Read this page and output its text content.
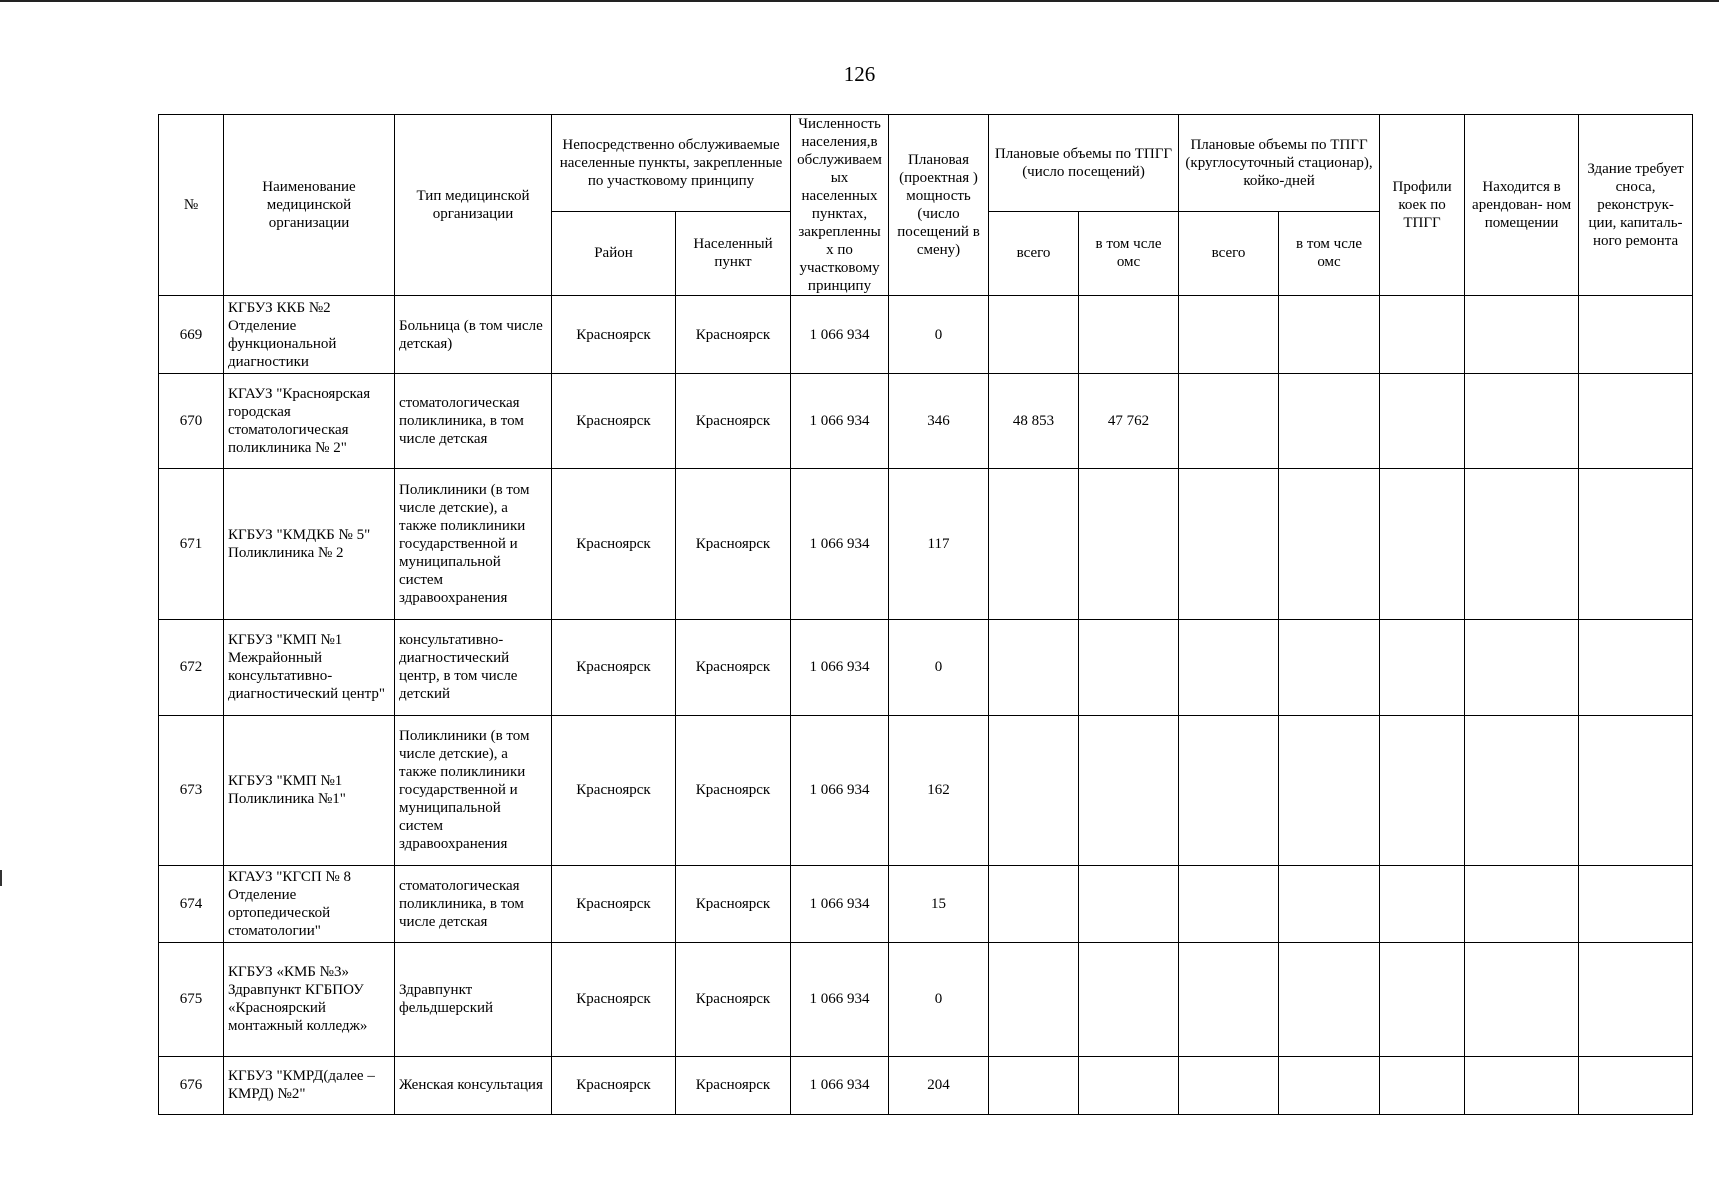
126
№	Наименование медицинской организации	Тип медицинской организации	Непосредственно обслуживаемые населенные пункты, закрепленные по участковому принципу		Численность населения,в обслуживаем ых населенных пунктах, закрепленны х по участковому принципу	Плановая (проектная ) мощность
(число посещений в смену)	Плановые объемы по ТПГГ (число посещений)		Плановые объемы по ТПГГ (круглосуточный стационар), койко-дней		Профили коек по ТПГГ	Находится в арендован- ном помещении	Здание требует сноса, реконструк- ции, капиталь- ного ремонта
			Район	Населенный пункт			всего	в том чсле омс	всего	в том чсле омс			
669	КГБУЗ ККБ №2 Отделение функциональной диагностики	Больница (в том числе детская)	Красноярск	Красноярск	1 066 934	0							
670	КГАУЗ "Красноярская городская стоматологическая поликлиника № 2"	стоматологическая поликлиника, в том числе детская	Красноярск	Красноярск	1 066 934	346	48 853	47 762					
671	КГБУЗ "КМДКБ № 5" Поликлиника № 2	Поликлиники (в том числе детские), а также поликлиники государственной и муниципальной систем здравоохранения	Красноярск	Красноярск	1 066 934	117							
672	КГБУЗ "КМП №1 Межрайонный консультативно-диагностический центр"	консультативно-диагностический центр, в том числе детский	Красноярск	Красноярск	1 066 934	0							
673	КГБУЗ "КМП №1 Поликлиника №1"	Поликлиники (в том числе детские), а также поликлиники государственной и муниципальной систем здравоохранения	Красноярск	Красноярск	1 066 934	162							
674	КГАУЗ "КГСП № 8 Отделение ортопедической стоматологии"	стоматологическая поликлиника, в том числе детская	Красноярск	Красноярск	1 066 934	15							
675	КГБУЗ «КМБ №3» Здравпункт КГБПОУ «Красноярский монтажный колледж»	Здравпункт фельдшерский	Красноярск	Красноярск	1 066 934	0							
676	КГБУЗ "КМРД(далее – КМРД) №2"	Женская консультация	Красноярск	Красноярск	1 066 934	204							
